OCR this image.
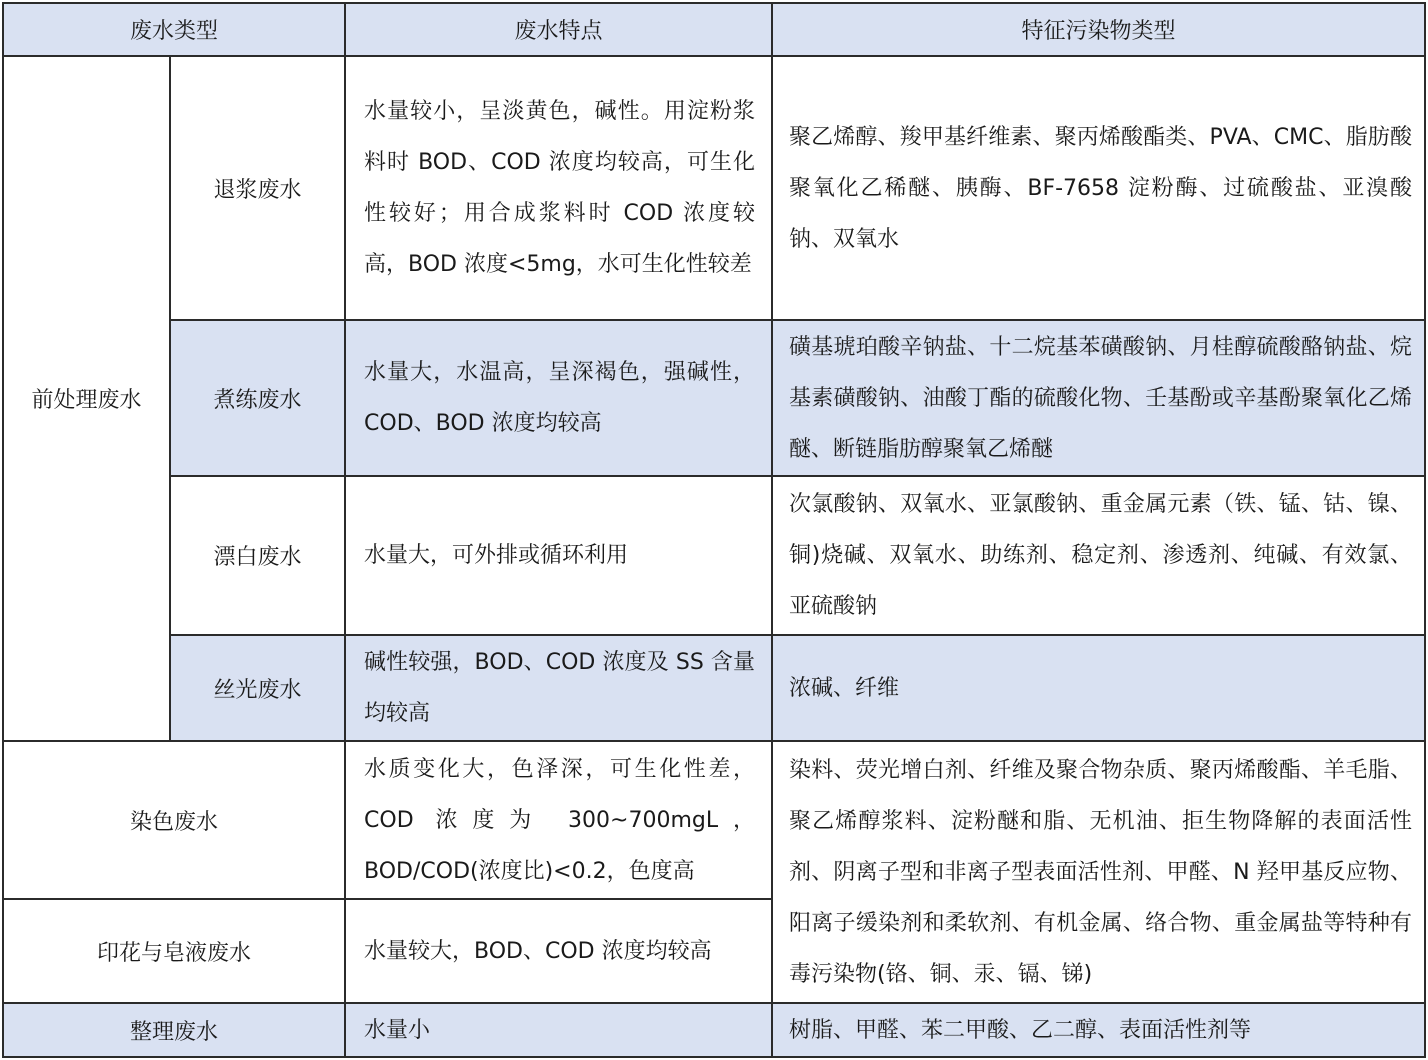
废水类型		废水特点	特征污染物类型
前处理废水	退浆废水	水量较小，呈淡黄色，碱性。用淀粉浆料时 BOD、COD 浓度均较高，可生化性较好；用合成浆料时 COD 浓度较高，BOD 浓度<5mg，水可生化性较差	聚乙烯醇、羧甲基纤维素、聚丙烯酸酯类、PVA、CMC、脂肪酸聚氧化乙稀醚、胰酶、BF-7658 淀粉酶、过硫酸盐、亚溴酸钠、双氧水
	煮练废水	水量大，水温高，呈深褐色，强碱性，COD、BOD 浓度均较高	磺基琥珀酸辛钠盐、十二烷基苯磺酸钠、月桂醇硫酸酪钠盐、烷基素磺酸钠、油酸丁酯的硫酸化物、壬基酚或辛基酚聚氧化乙烯醚、断链脂肪醇聚氧乙烯醚
	漂白废水	水量大，可外排或循环利用	次氯酸钠、双氧水、亚氯酸钠、重金属元素（铁、锰、钴、镍、铜)烧碱、双氧水、助练剂、稳定剂、渗透剂、纯碱、有效氯、亚硫酸钠
	丝光废水	碱性较强，BOD、COD 浓度及 SS 含量均较高	浓碱、纤维
染色废水		水质变化大，色泽深，可生化性差，COD 浓度为 300~700mgL，BOD/COD(浓度比)<0.2，色度高	染料、荧光增白剂、纤维及聚合物杂质、聚丙烯酸酯、羊毛脂、聚乙烯醇浆料、淀粉醚和脂、无机油、拒生物降解的表面活性剂、阴离子型和非离子型表面活性剂、甲醛、N 羟甲基反应物、阳离子缓染剂和柔软剂、有机金属、络合物、重金属盐等特种有毒污染物(铬、铜、汞、镉、锑)
印花与皂液废水		水量较大，BOD、COD 浓度均较高	
整理废水		水量小	树脂、甲醛、苯二甲酸、乙二醇、表面活性剂等
